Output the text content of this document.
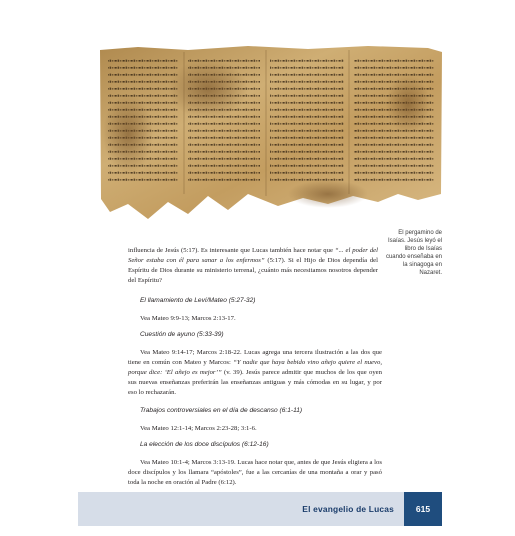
El pergamino de Isaías. Jesús leyó el libro de Isaías cuando enseñaba en la sinagoga en Nazaret.
influencia de Jesús (5:17). Es interesante que Lucas también hace notar que “... el poder del Señor estaba con él para sanar a los enfermos” (5:17). Si el Hijo de Dios dependía del Espíritu de Dios durante su ministerio terrenal, ¿cuánto más necesitamos nosotros depender del Espíritu?
El llamamiento de Leví/Mateo (5:27-32)
Vea Mateo 9:9-13; Marcos 2:13-17.
Cuestión de ayuno (5:33-39)
Vea Mateo 9:14-17; Marcos 2:18-22. Lucas agrega una tercera ilustración a las dos que tiene en común con Mateo y Marcos: “Y nadie que haya bebido vino añejo quiere el nuevo, porque dice: ‘El añejo es mejor’” (v. 39). Jesús parece admitir que muchos de los que oyen sus nuevas enseñanzas preferirán las enseñanzas antiguas y más cómodas en su lugar, y por eso lo rechazarán.
Trabajos controversiales en el día de descanso (6:1-11)
Vea Mateo 12:1-14; Marcos 2:23-28; 3:1-6.
La elección de los doce discípulos (6:12-16)
Vea Mateo 10:1-4; Marcos 3:13-19. Lucas hace notar que, antes de que Jesús eligiera a los doce discípulos y los llamara “apóstoles”, fue a las cercanías de una montaña a orar y pasó toda la noche en oración al Padre (6:12).
El evangelio de Lucas	615
